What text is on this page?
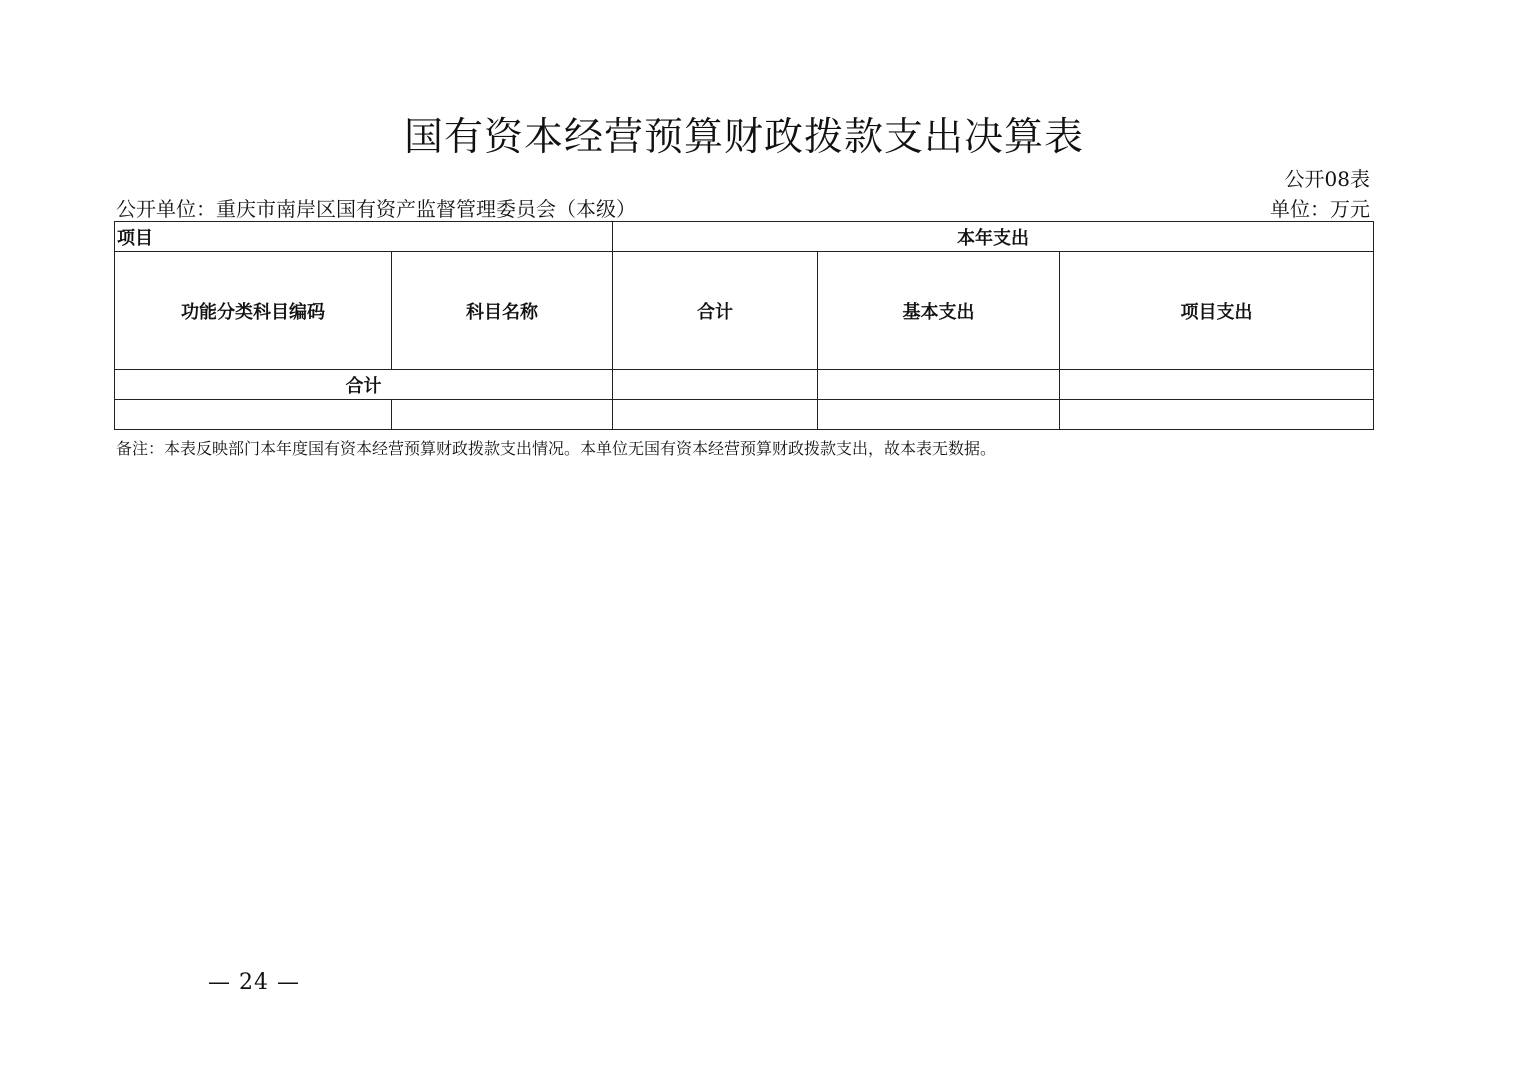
国有资本经营预算财政拨款支出决算表
公开08表
公开单位：重庆市南岸区国有资产监督管理委员会（本级）	单位：万元
项目		本年支出		
功能分类科目编码	科目名称	合计	基本支出	项目支出
合计				

备注：本表反映部门本年度国有资本经营预算财政拨款支出情况。本单位无国有资本经营预算财政拨款支出，故本表无数据。
— 24 —
